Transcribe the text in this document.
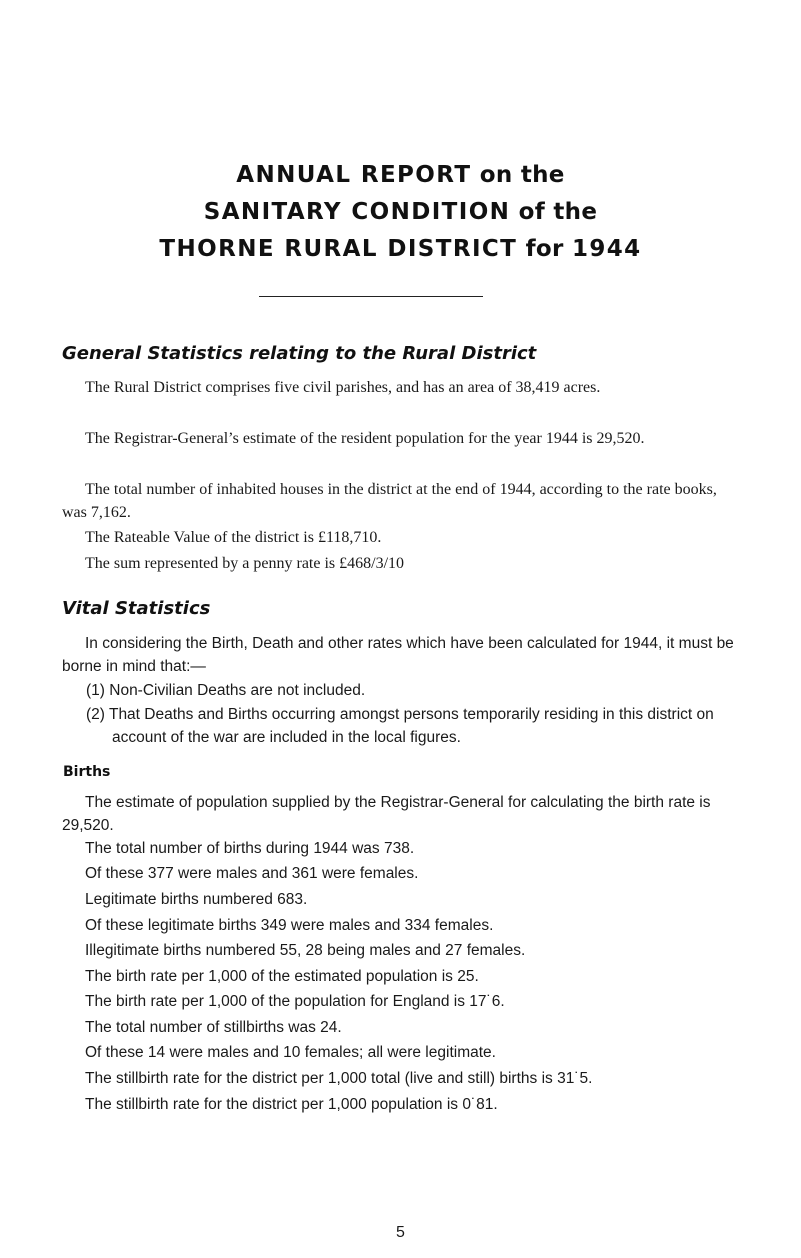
ANNUAL REPORT on the
SANITARY CONDITION of the
THORNE RURAL DISTRICT for 1944
General Statistics relating to the Rural District
The Rural District comprises five civil parishes, and has an area of 38,419 acres.
The Registrar-General’s estimate of the resident population for the year 1944 is 29,520.
The total number of inhabited houses in the district at the end of 1944, according to the rate books, was 7,162.
The Rateable Value of the district is £118,710.
The sum represented by a penny rate is £468/3/10
Vital Statistics
In considering the Birth, Death and other rates which have been calculated for 1944, it must be borne in mind that:—
(1) Non-Civilian Deaths are not included.
(2) That Deaths and Births occurring amongst persons temporarily residing in this district on account of the war are included in the local figures.
Births
The estimate of population supplied by the Registrar-General for calculating the birth rate is 29,520.
The total number of births during 1944 was 738.
Of these 377 were males and 361 were females.
Legitimate births numbered 683.
Of these legitimate births 349 were males and 334 females.
Illegitimate births numbered 55, 28 being males and 27 females.
The birth rate per 1,000 of the estimated population is 25.
The birth rate per 1,000 of the population for England is 17˙6.
The total number of stillbirths was 24.
Of these 14 were males and 10 females; all were legitimate.
The stillbirth rate for the district per 1,000 total (live and still) births is 31˙5.
The stillbirth rate for the district per 1,000 population is 0˙81.
5
